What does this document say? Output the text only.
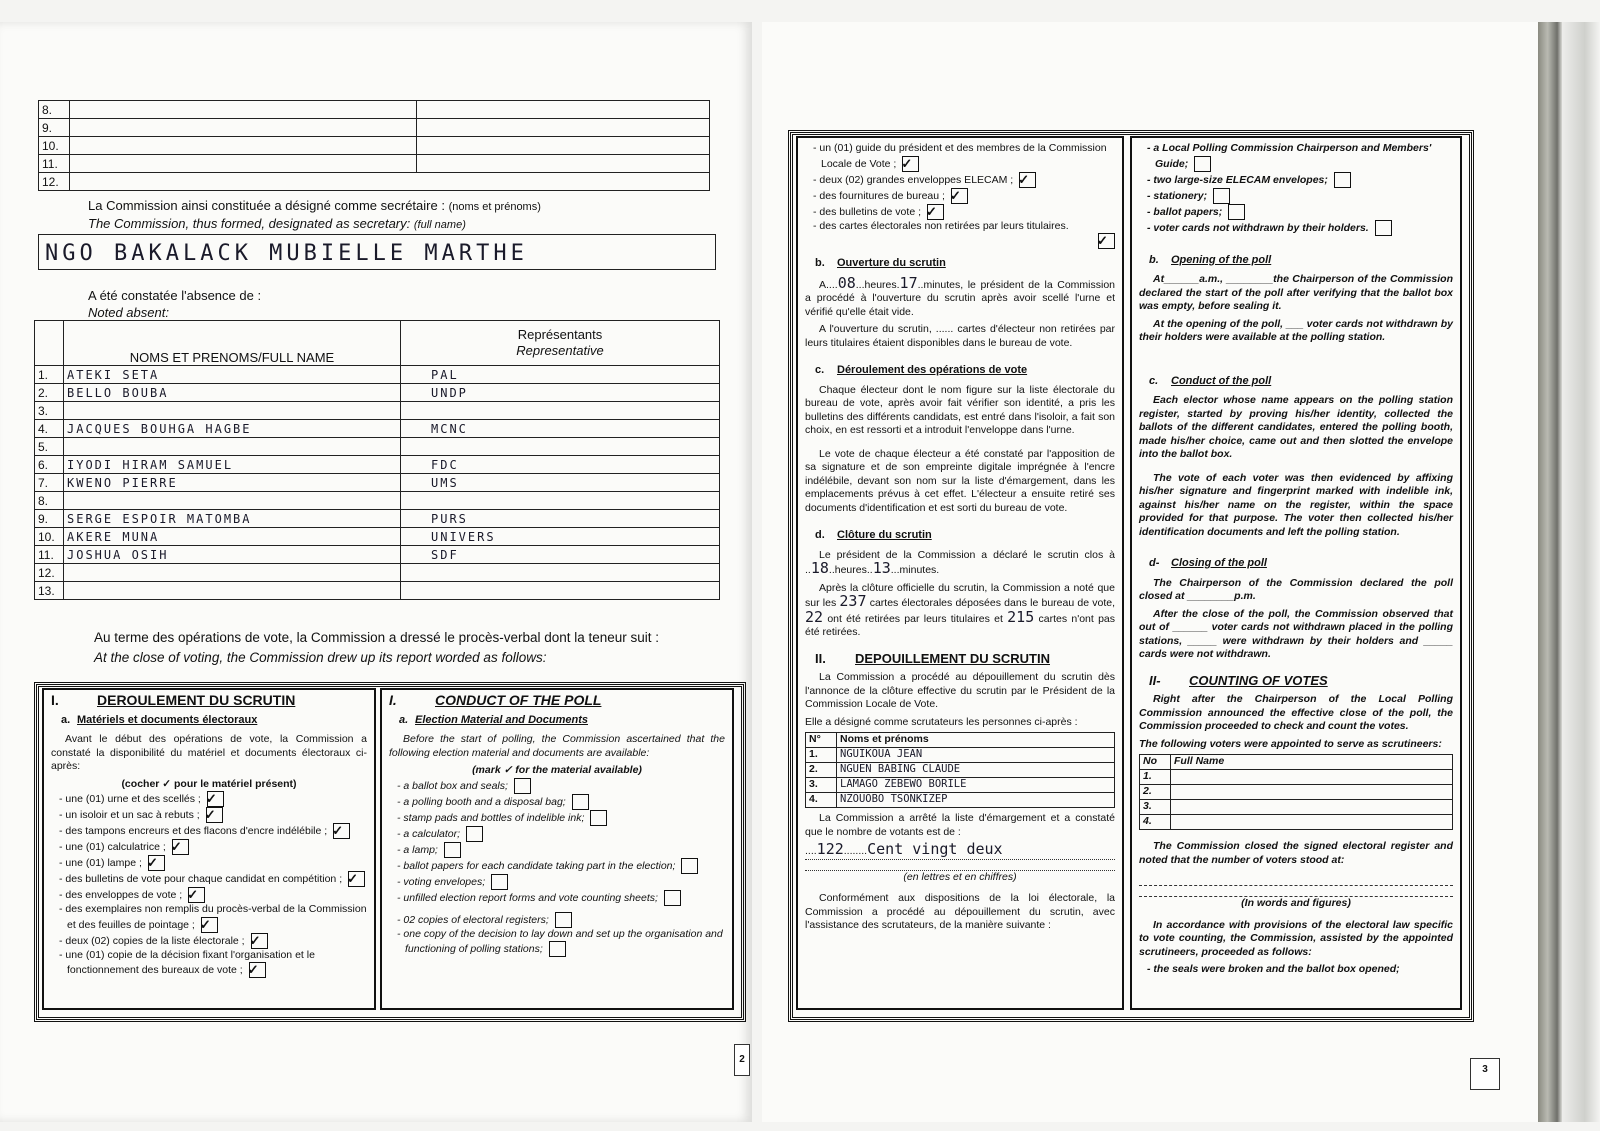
8.		
9.		
10.		
11.		
12.		
La Commission ainsi constituée a désigné comme secrétaire : (noms et prénoms)
The Commission, thus formed, designated as secretary: (full name)
NGO BAKALACK MUBIELLE MARTHE
A été constatée l'absence de :
Noted absent:
	NOMS ET PRENOMS/FULL NAME	Représentants
Representative

1.	ATEKI SETA	PAL
2.	BELLO BOUBA	UNDP
3.		
4.	JACQUES BOUHGA HAGBE	MCNC
5.		
6.	IYODI HIRAM SAMUEL	FDC
7.	KWENO PIERRE	UMS
8.		
9.	SERGE ESPOIR MATOMBA	PURS
10.	AKERE MUNA	UNIVERS
11.	JOSHUA OSIH	SDF
12.		
13.		
Au terme des opérations de vote, la Commission a dressé le procès-verbal dont la teneur suit :
At the close of voting, the Commission drew up its report worded as follows:
I.	DEROULEMENT DU SCRUTIN
a. Matériels et documents électoraux
Avant le début des opérations de vote, la Commission a constaté la disponibilité du matériel et documents électoraux ci-après:
(cocher ✓ pour le matériel présent)
- une (01) urne et des scellés ; ✓
- un isoloir et un sac à rebuts ; ✓
- des tampons encreurs et des flacons d'encre indélébile ; ✓
- une (01) calculatrice ; ✓
- une (01) lampe ; ✓
- des bulletins de vote pour chaque candidat en compétition ; ✓
- des enveloppes de vote ; ✓
- des exemplaires non remplis du procès-verbal de la Commission et des feuilles de pointage ; ✓
- deux (02) copies de la liste électorale ; ✓
- une (01) copie de la décision fixant l'organisation et le fonctionnement des bureaux de vote ; ✓
I.	CONDUCT OF THE POLL
a. Election Material and Documents
Before the start of polling, the Commission ascertained that the following election material and documents are available:
(mark ✓ for the material available)
- a ballot box and seals;
- a polling booth and a disposal bag;
- stamp pads and bottles of indelible ink;
- a calculator;
- a lamp;
- ballot papers for each candidate taking part in the election;
- voting envelopes;
- unfilled election report forms and vote counting sheets;
- 02 copies of electoral registers;
- one copy of the decision to lay down and set up the organisation and functioning of polling stations;
2
- un (01) guide du président et des membres de la Commission Locale de Vote ; ✓
- deux (02) grandes enveloppes ELECAM ; ✓
- des fournitures de bureau ; ✓
- des bulletins de vote ; ✓
- des cartes électorales non retirées par leurs titulaires.
✓
b. Ouverture du scrutin
A....08...heures.17..minutes, le président de la Commission a procédé à l'ouverture du scrutin après avoir scellé l'urne et vérifié qu'elle était vide.
A l'ouverture du scrutin, ...... cartes d'électeur non retirées par leurs titulaires étaient disponibles dans le bureau de vote.
c. Déroulement des opérations de vote
Chaque électeur dont le nom figure sur la liste électorale du bureau de vote, après avoir fait vérifier son identité, a pris les bulletins des différents candidats, est entré dans l'isoloir, a fait son choix, en est ressorti et a introduit l'enveloppe dans l'urne.
Le vote de chaque électeur a été constaté par l'apposition de sa signature et de son empreinte digitale imprégnée à l'encre indélébile, devant son nom sur la liste d'émargement, dans les emplacements prévus à cet effet. L'électeur a ensuite retiré ses documents d'identification et est sorti du bureau de vote.
d. Clôture du scrutin
Le président de la Commission a déclaré le scrutin clos à ..18..heures..13...minutes.
Après la clôture officielle du scrutin, la Commission a noté que sur les 237 cartes électorales déposées dans le bureau de vote, 22 ont été retirées par leurs titulaires et 215 cartes n'ont pas été retirées.
II. DEPOUILLEMENT DU SCRUTIN
La Commission a procédé au dépouillement du scrutin dès l'annonce de la clôture effective du scrutin par le Président de la Commission Locale de Vote.
Elle a désigné comme scrutateurs les personnes ci-après :
N°	Noms et prénoms
1.	NGUIKOUA JEAN
2.	NGUEN BABING CLAUDE
3.	LAMAGO ZEBEWO BORILE
4.	NZOUOBO TSONKIZEP
La Commission a arrêté la liste d'émargement et a constaté que le nombre de votants est de :
....122........Cent vingt deux
(en lettres et en chiffres)
Conformément aux dispositions de la loi électorale, la Commission a procédé au dépouillement du scrutin, avec l'assistance des scrutateurs, de la manière suivante :
- a Local Polling Commission Chairperson and Members' Guide;
- two large-size ELECAM envelopes;
- stationery;
- ballot papers;
- voter cards not withdrawn by their holders.
b. Opening of the poll
At______a.m., ________the Chairperson of the Commission declared the start of the poll after verifying that the ballot box was empty, before sealing it.
At the opening of the poll, ___ voter cards not withdrawn by their holders were available at the polling station.
c. Conduct of the poll
Each elector whose name appears on the polling station register, started by proving his/her identity, collected the ballots of the different candidates, entered the polling booth, made his/her choice, came out and then slotted the envelope into the ballot box.
The vote of each voter was then evidenced by affixing his/her signature and fingerprint marked with indelible ink, against his/her name on the register, within the space provided for that purpose. The voter then collected his/her identification documents and left the polling station.
d- Closing of the poll
The Chairperson of the Commission declared the poll closed at ________p.m.
After the close of the poll, the Commission observed that out of ______ voter cards not withdrawn placed in the polling stations, _____ were withdrawn by their holders and _____ cards were not withdrawn.
II- COUNTING OF VOTES
Right after the Chairperson of the Local Polling Commission announced the effective close of the poll, the Commission proceeded to check and count the votes.
The following voters were appointed to serve as scrutineers:
No	Full Name
1.	
2.	
3.	
4.	
The Commission closed the signed electoral register and noted that the number of voters stood at:
(In words and figures)
In accordance with provisions of the electoral law specific to vote counting, the Commission, assisted by the appointed scrutineers, proceeded as follows:
- the seals were broken and the ballot box opened;
3
